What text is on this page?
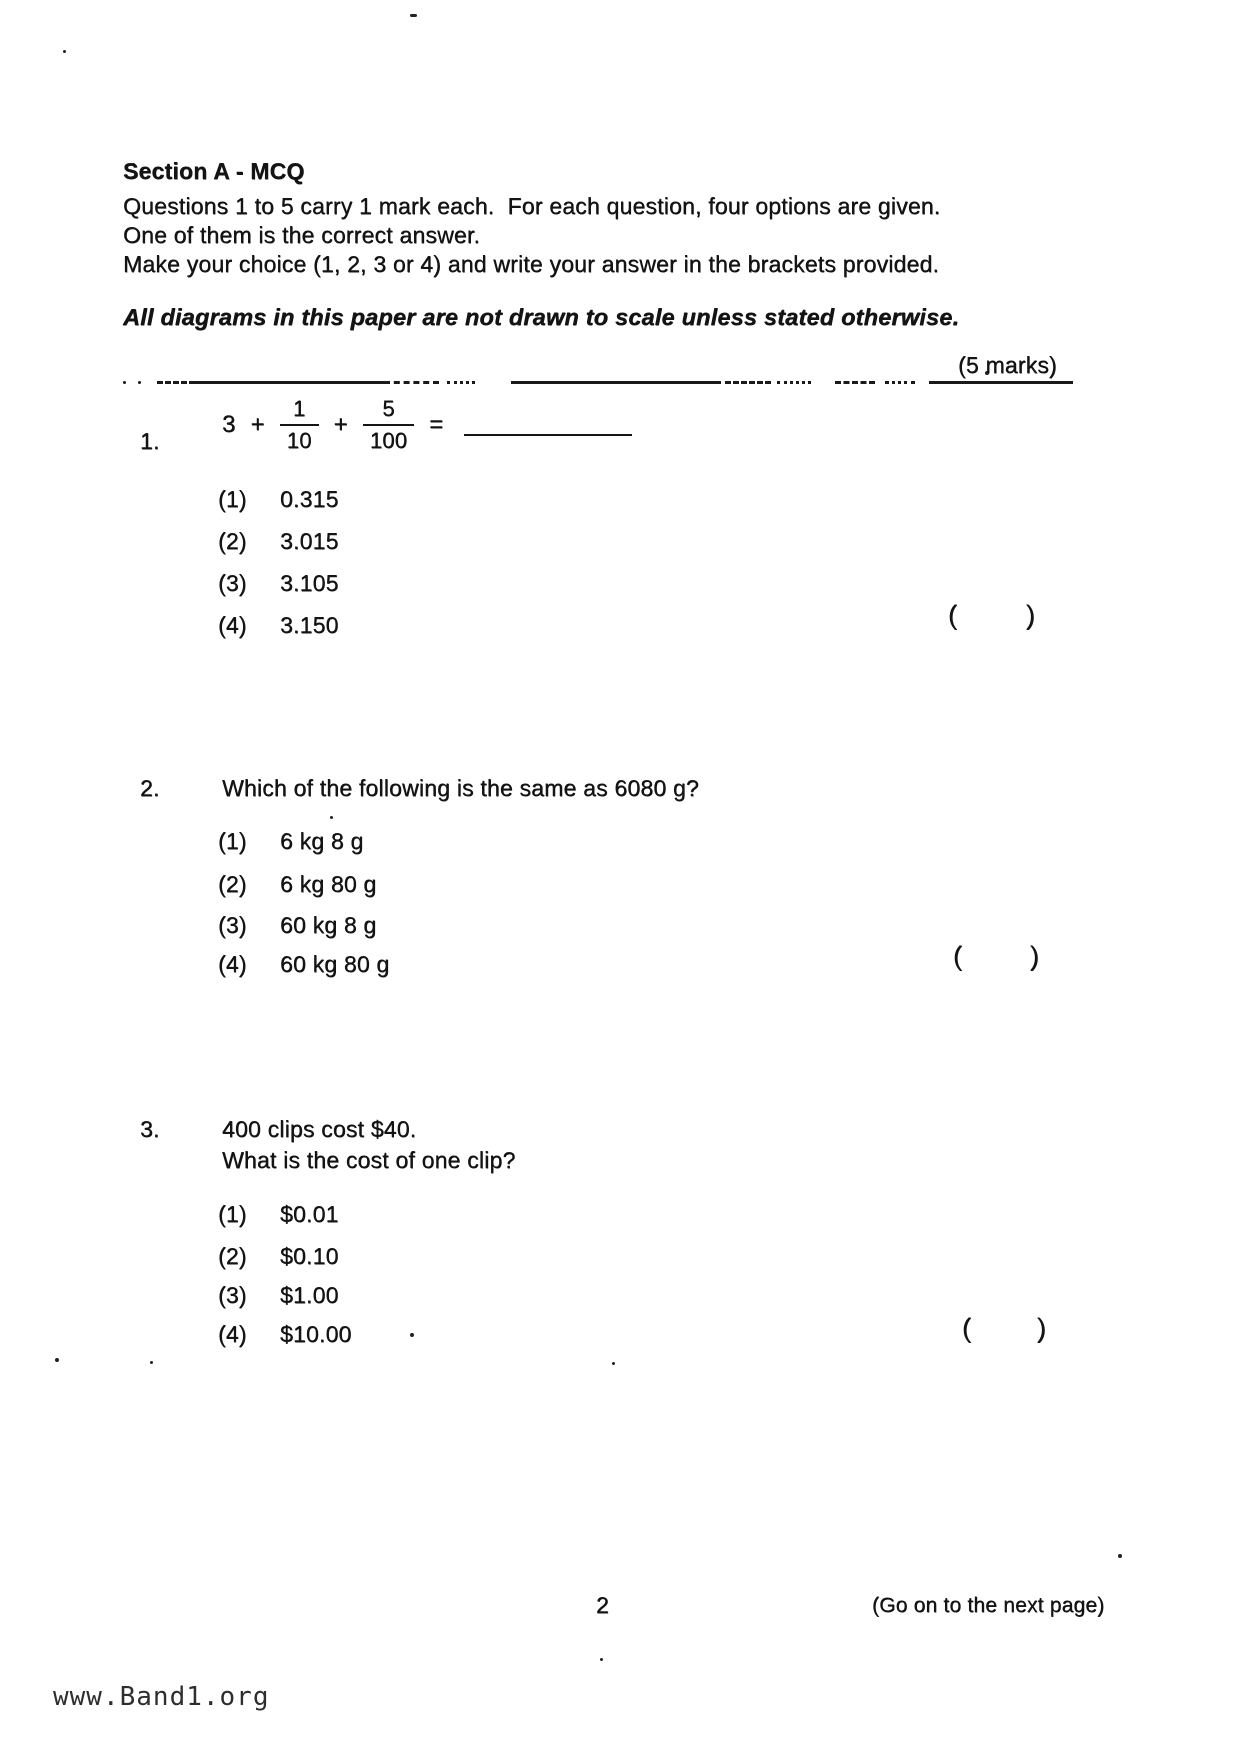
Section A - MCQ
Questions 1 to 5 carry 1 mark each.  For each question, four options are given.
One of them is the correct answer.
Make your choice (1, 2, 3 or 4) and write your answer in the brackets provided.
All diagrams in this paper are not drawn to scale unless stated otherwise.
(5 marks)
1.
$3 + \frac{1}{10} + \frac{5}{100}$ =
(1)	0.315
(2)	3.015
(3)	3.105
(4)	3.150	(	)
2.	Which of the following is the same as 6080 g?
(1)	6 kg 8 g
(2)	6 kg 80 g
(3)	60 kg 8 g
(4)	60 kg 80 g	(	)
3.	400 clips cost $40.
What is the cost of one clip?
(1)	$0.01
(2)	$0.10
(3)	$1.00
(4)	$10.00	( )
2	(Go on to the next page)
www.Band1.org
